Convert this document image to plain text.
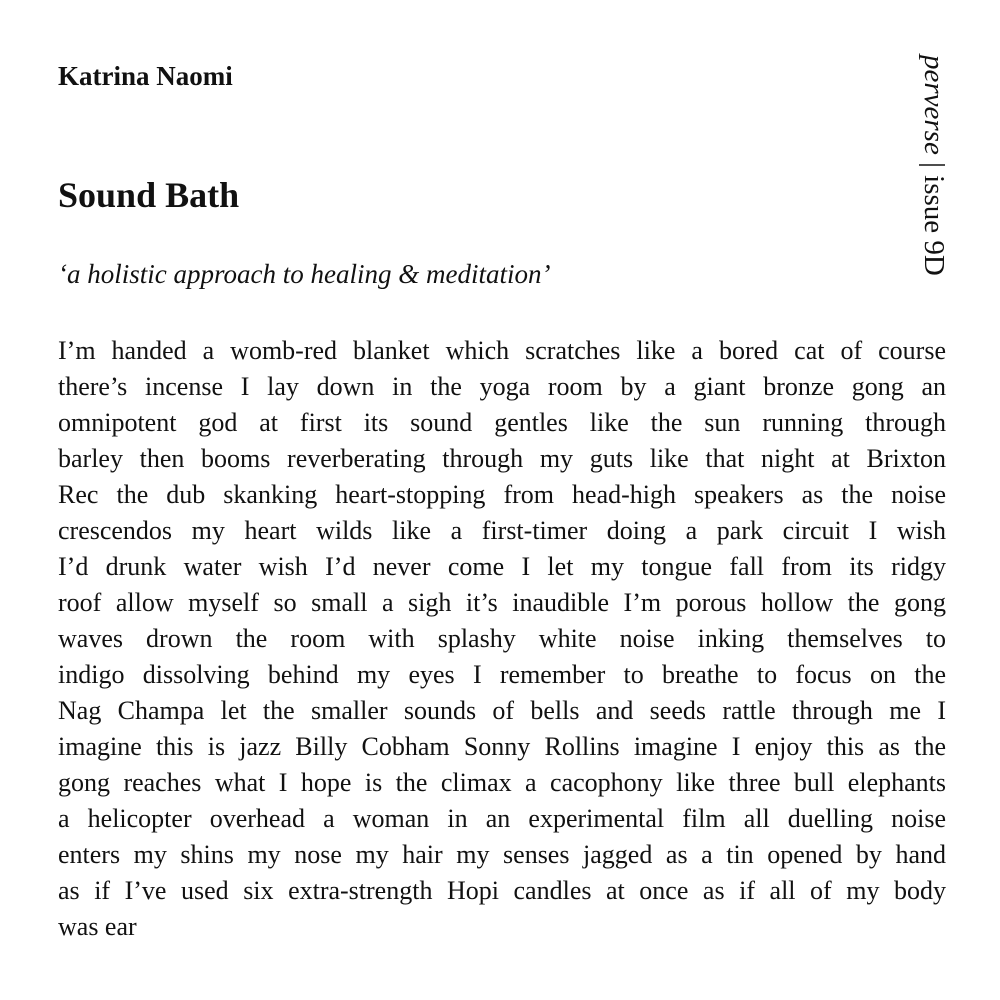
Katrina Naomi
Sound Bath

‘a holistic approach to healing & meditation’

perverse | issue 9D
I’m handed a womb-red blanket which scratches like a bored cat of course
there’s incense I lay down in the yoga room by a giant bronze gong an
omnipotent god at first its sound gentles like the sun running through
barley then booms reverberating through my guts like that night at Brixton
Rec the dub skanking heart-stopping from head-high speakers as the noise
crescendos my heart wilds like a first-timer doing a park circuit I wish
I’d drunk water wish I’d never come I let my tongue fall from its ridgy
roof allow myself so small a sigh it’s inaudible I’m porous hollow the gong
waves drown the room with splashy white noise inking themselves to
indigo dissolving behind my eyes I remember to breathe to focus on the
Nag Champa let the smaller sounds of bells and seeds rattle through me I
imagine this is jazz Billy Cobham Sonny Rollins imagine I enjoy this as the
gong reaches what I hope is the climax a cacophony like three bull elephants
a helicopter overhead a woman in an experimental film all duelling noise
enters my shins my nose my hair my senses jagged as a tin opened by hand
as if I’ve used six extra-strength Hopi candles at once as if all of my body
was ear
